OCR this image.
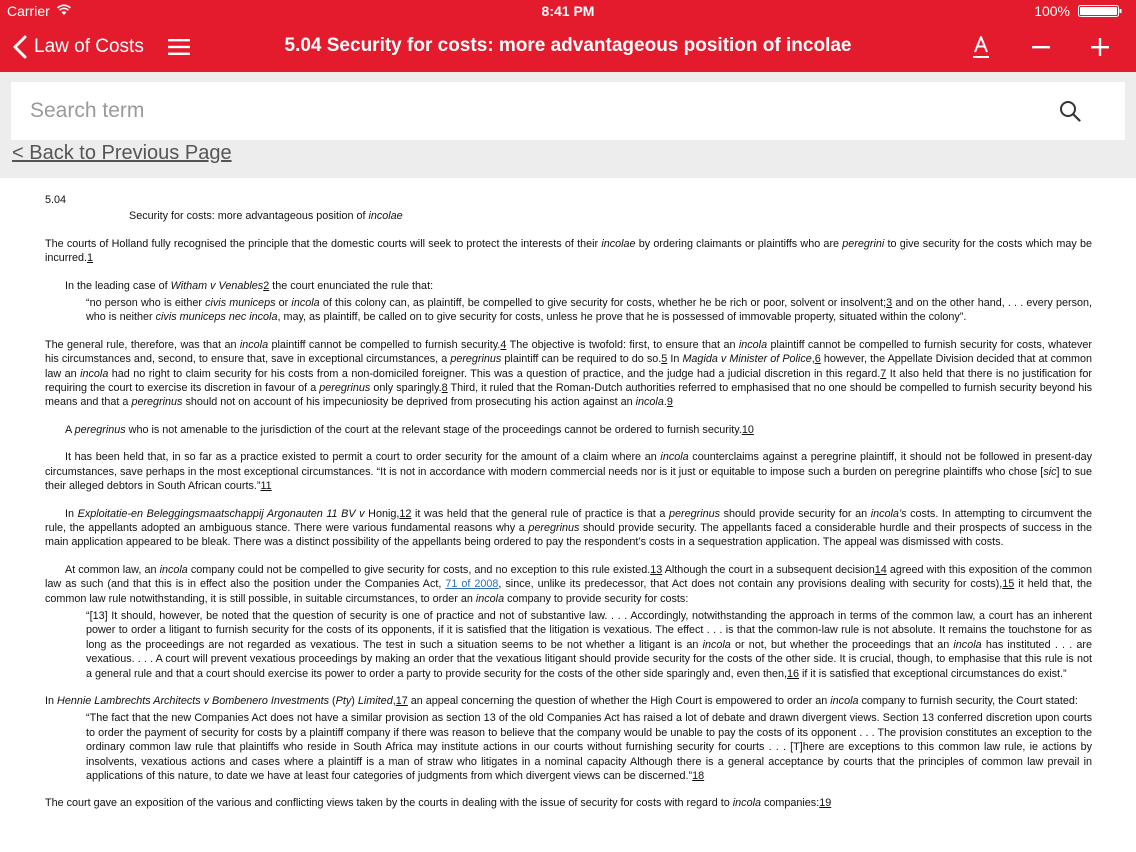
Carrier	8:41 PM	100%
Law of Costs	5.04 Security for costs: more advantageous position of incolae
Search term
< Back to Previous Page

5.04

Security for costs: more advantageous position of incolae

The courts of Holland fully recognised the principle that the domestic courts will seek to protect the interests of their incolae by ordering claimants or plaintiffs who are peregrini to give security for the costs which may be incurred.1

In the leading case of Witham v Venables2 the court enunciated the rule that:

“no person who is either civis municeps or incola of this colony can, as plaintiff, be compelled to give security for costs, whether he be rich or poor, solvent or insolvent;3 and on the other hand, . . . every person, who is neither civis municeps nec incola, may, as plaintiff, be called on to give security for costs, unless he prove that he is possessed of immovable property, situated within the colony”.

The general rule, therefore, was that an incola plaintiff cannot be compelled to furnish security.4 The objective is twofold: first, to ensure that an incola plaintiff cannot be compelled to furnish security for costs, whatever his circumstances and, second, to ensure that, save in exceptional circumstances, a peregrinus plaintiff can be required to do so.5 In Magida v Minister of Police,6 however, the Appellate Division decided that at common law an incola had no right to claim security for his costs from a non-domiciled foreigner. This was a question of practice, and the judge had a judicial discretion in this regard.7 It also held that there is no justification for requiring the court to exercise its discretion in favour of a peregrinus only sparingly.8 Third, it ruled that the Roman-Dutch authorities referred to emphasised that no one should be compelled to furnish security beyond his means and that a peregrinus should not on account of his impecuniosity be deprived from prosecuting his action against an incola.9

A peregrinus who is not amenable to the jurisdiction of the court at the relevant stage of the proceedings cannot be ordered to furnish security.10

It has been held that, in so far as a practice existed to permit a court to order security for the amount of a claim where an incola counterclaims against a peregrine plaintiff, it should not be followed in present-day circumstances, save perhaps in the most exceptional circumstances. “It is not in accordance with modern commercial needs nor is it just or equitable to impose such a burden on peregrine plaintiffs who chose [sic] to sue their alleged debtors in South African courts.”11

In Exploitatie-en Beleggingsmaatschappij Argonauten 11 BV v Honig,12 it was held that the general rule of practice is that a peregrinus should provide security for an incola’s costs. In attempting to circumvent the rule, the appellants adopted an ambiguous stance. There were various fundamental reasons why a peregrinus should provide security. The appellants faced a considerable hurdle and their prospects of success in the main application appeared to be bleak. There was a distinct possibility of the appellants being ordered to pay the respondent’s costs in a sequestration application. The appeal was dismissed with costs.

At common law, an incola company could not be compelled to give security for costs, and no exception to this rule existed.13 Although the court in a subsequent decision14 agreed with this exposition of the common law as such (and that this is in effect also the position under the Companies Act, 71 of 2008, since, unlike its predecessor, that Act does not contain any provisions dealing with security for costs),15 it held that, the common law rule notwithstanding, it is still possible, in suitable circumstances, to order an incola company to provide security for costs:

“[13] It should, however, be noted that the question of security is one of practice and not of substantive law. . . . Accordingly, notwithstanding the approach in terms of the common law, a court has an inherent power to order a litigant to furnish security for the costs of its opponents, if it is satisfied that the litigation is vexatious. The effect . . . is that the common-law rule is not absolute. It remains the touchstone for as long as the proceedings are not regarded as vexatious. The test in such a situation seems to be not whether a litigant is an incola or not, but whether the proceedings that an incola has instituted . . . are vexatious. . . . A court will prevent vexatious proceedings by making an order that the vexatious litigant should provide security for the costs of the other side. It is crucial, though, to emphasise that this rule is not a general rule and that a court should exercise its power to order a party to provide security for the costs of the other side sparingly and, even then,16 if it is satisfied that exceptional circumstances do exist.”

In Hennie Lambrechts Architects v Bombenero Investments (Pty) Limited,17 an appeal concerning the question of whether the High Court is empowered to order an incola company to furnish security, the Court stated:

“The fact that the new Companies Act does not have a similar provision as section 13 of the old Companies Act has raised a lot of debate and drawn divergent views. Section 13 conferred discretion upon courts to order the payment of security for costs by a plaintiff company if there was reason to believe that the company would be unable to pay the costs of its opponent . . . The provision constitutes an exception to the ordinary common law rule that plaintiffs who reside in South Africa may institute actions in our courts without furnishing security for courts . . . [T]here are exceptions to this common law rule, ie actions by insolvents, vexatious actions and cases where a plaintiff is a man of straw who litigates in a nominal capacity Although there is a general acceptance by courts that the principles of common law prevail in applications of this nature, to date we have at least four categories of judgments from which divergent views can be discerned.”18

The court gave an exposition of the various and conflicting views taken by the courts in dealing with the issue of security for costs with regard to incola companies:19
